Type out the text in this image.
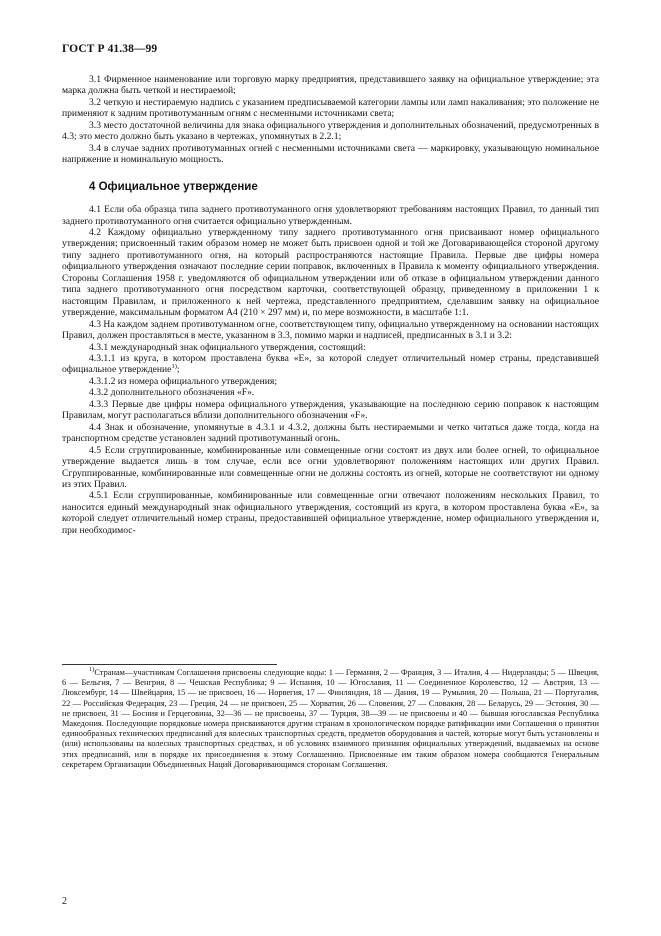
ГОСТ Р 41.38—99

3.1 Фирменное наименование или торговую марку предприятия, представившего заявку на официальное утверждение; эта марка должна быть четкой и нестираемой;

3.2 четкую и нестираемую надпись с указанием предписываемой категории лампы или ламп накаливания; это положение не применяют к задним противотуманным огням с несменными источниками света;

3.3 место достаточной величины для знака официального утверждения и дополнительных обозначений, предусмотренных в 4.3; это место должно быть указано в чертежах, упомянутых в 2.2.1;

3.4 в случае задних противотуманных огней с несменными источниками света — маркировку, указывающую номинальное напряжение и номинальную мощность.

4 Официальное утверждение

4.1 Если оба образца типа заднего противотуманного огня удовлетворяют требованиям настоящих Правил, то данный тип заднего противотуманного огня считается официально утвержденным.

4.2 Каждому официально утвержденному типу заднего противотуманного огня присваивают номер официального утверждения; присвоенный таким образом номер не может быть присвоен одной и той же Договаривающейся стороной другому типу заднего противотуманного огня, на который распространяются настоящие Правила. Первые две цифры номера официального утверждения означают последние серии поправок, включенных в Правила к моменту официального утверждения. Стороны Соглашения 1958 г. уведомляются об официальном утверждении или об отказе в официальном утверждении данного типа заднего противотуманного огня посредством карточки, соответствующей образцу, приведенному в приложении 1 к настоящим Правилам, и приложенного к ней чертежа, представленного предприятием, сделавшим заявку на официальное утверждение, максимальным форматом А4 (210 × 297 мм) и, по мере возможности, в масштабе 1:1.

4.3 На каждом заднем противотуманном огне, соответствующем типу, официально утвержденному на основании настоящих Правил, должен проставляться в месте, указанном в 3.3, помимо марки и надписей, предписанных в 3.1 и 3.2:

4.3.1 международный знак официального утверждения, состоящий:

4.3.1.1 из круга, в котором проставлена буква «Е», за которой следует отличительный номер страны, представившей официальное утверждение$^{1)}$;

4.3.1.2 из номера официального утверждения;

4.3.2 дополнительного обозначения «F».

4.3.3 Первые две цифры номера официального утверждения, указывающие на последнюю серию поправок к настоящим Правилам, могут располагаться вблизи дополнительного обозначения «F».

4.4 Знак и обозначение, упомянутые в 4.3.1 и 4.3.2, должны быть нестираемыми и четко читаться даже тогда, когда на транспортном средстве установлен задний противотуманный огонь.

4.5 Если сгруппированные, комбинированные или совмещенные огни состоят из двух или более огней, то официальное утверждение выдается лишь в том случае, если все огни удовлетворяют положениям настоящих или других Правил. Сгруппированные, комбинированные или совмещенные огни не должны состоять из огней, которые не соответствуют ни одному из этих Правил.

4.5.1 Если сгруппированные, комбинированные или совмещенные огни отвечают положениям нескольких Правил, то наносится единый международный знак официального утверждения, состоящий из круга, в котором проставлена буква «Е», за которой следует отличительный номер страны, предоставившей официальное утверждение, номер официального утверждения и, при необходимос-

$^{1)}$Странам—участникам Соглашения присвоены следующие коды: 1 — Германия, 2 — Франция, 3 — Италия, 4 — Нидерланды; 5 — Швеция, 6 — Бельгия, 7 — Венгрия, 8 — Чешская Республика; 9 — Испания, 10 — Югославия, 11 — Соединенное Королевство, 12 — Австрия, 13 — Люксембург, 14 — Швейцария, 15 — не присвоен, 16 — Норвегия, 17 — Финляндия, 18 — Дания, 19 — Румыния, 20 — Польша, 21 — Португалия, 22 — Российская Федерация, 23 — Греция, 24 — не присвоен, 25 — Хорватия, 26 — Словения, 27 — Словакия, 28 — Беларусь, 29 — Эстония, 30 — не присвоен, 31 — Босния и Герцеговина, 32—36 — не присвоены, 37 — Турция, 38—39 — не присвоены и 40 — бывшая югославская Республика Македония. Последующие порядковые номера присваиваются другим странам в хронологическом порядке ратификации ими Соглашения о принятии единообразных технических предписаний для колесных транспортных средств, предметов оборудования и частей, которые могут быть установлены и (или) использованы на колесных транспортных средствах, и об условиях взаимного признания официальных утверждений, выдаваемых на основе этих предписаний, или в порядке их присоединения к этому Соглашению. Присвоенные им таким образом номера сообщаются Генеральным секретарем Организации Объединенных Наций Договаривающимся сторонам Соглашения.

2
